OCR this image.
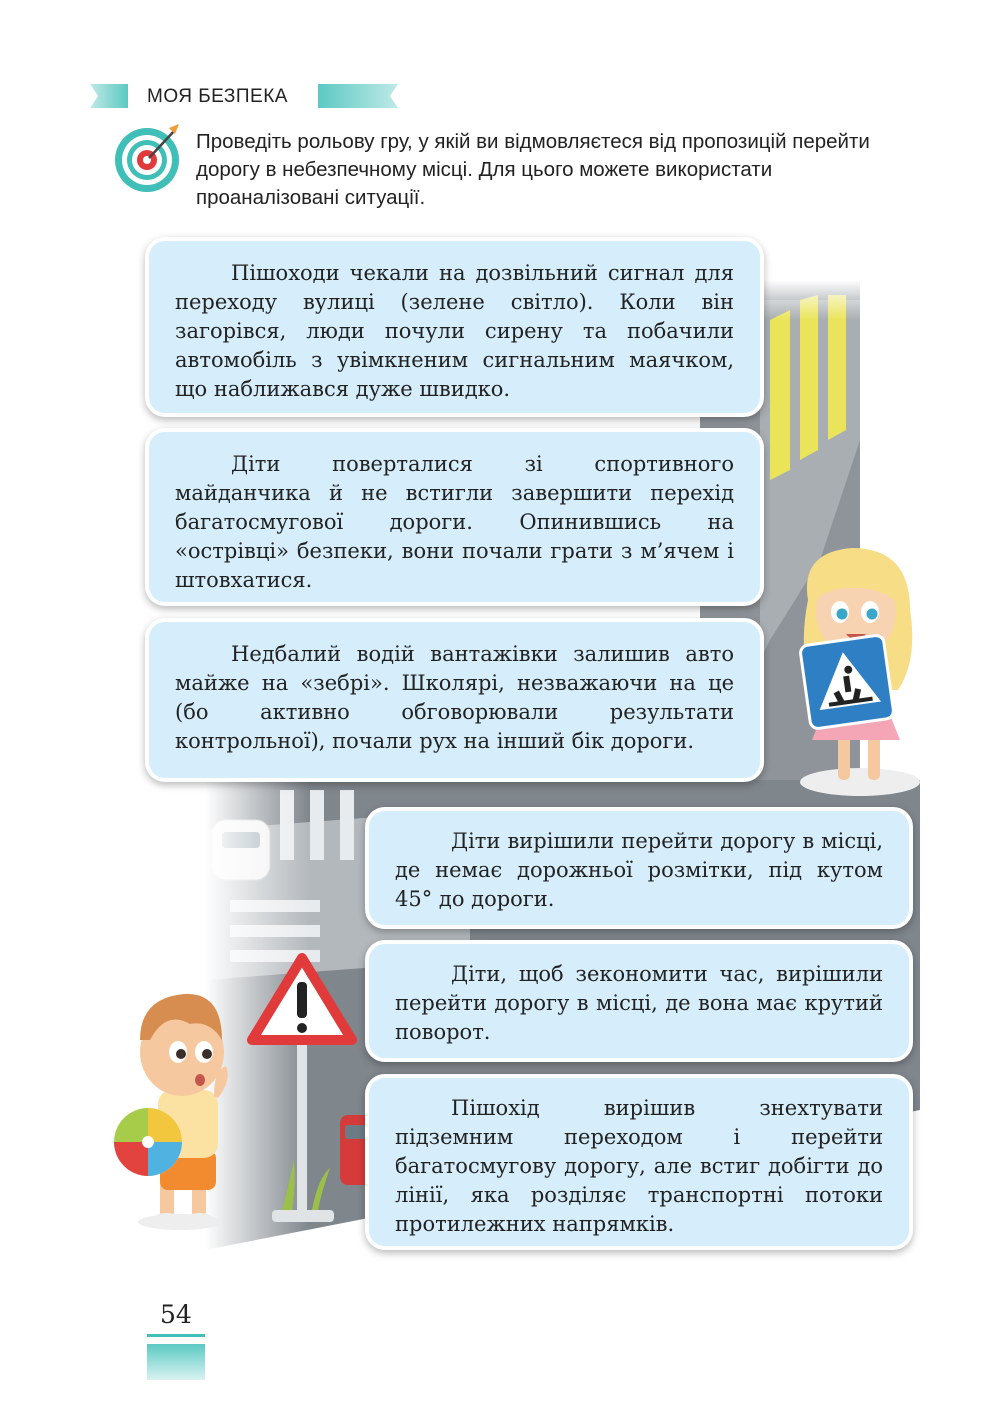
МОЯ БЕЗПЕКА
Проведіть рольову гру, у якій ви відмовляєтеся від пропозицій перейти дорогу в небезпечному місці. Для цього можете використати проаналізовані ситуації.

Пішоходи чекали на дозвільний сигнал для переходу вулиці (зелене світло). Коли він загорівся, люди почули сирену та побачили автомобіль з увімкненим сигнальним маячком, що наближався дуже швидко.

Діти поверталися зі спортивного майданчика й не встигли завершити перехід багатосмугової дороги. Опинившись на «острівці» безпеки, вони почали грати з м’ячем і штовхатися.

Недбалий водій вантажівки залишив авто майже на «зебрі». Школярі, незважаючи на це (бо активно обговорювали результати контрольної), почали рух на інший бік дороги.

Діти вирішили перейти дорогу в місці, де немає дорожньої розмітки, під кутом 45° до дороги.

Діти, щоб зекономити час, вирішили перейти дорогу в місці, де вона має крутий поворот.

Пішохід вирішив знехтувати підземним переходом і перейти багатосмугову дорогу, але встиг добігти до лінії, яка розділяє транспортні потоки протилежних напрямків.

54
